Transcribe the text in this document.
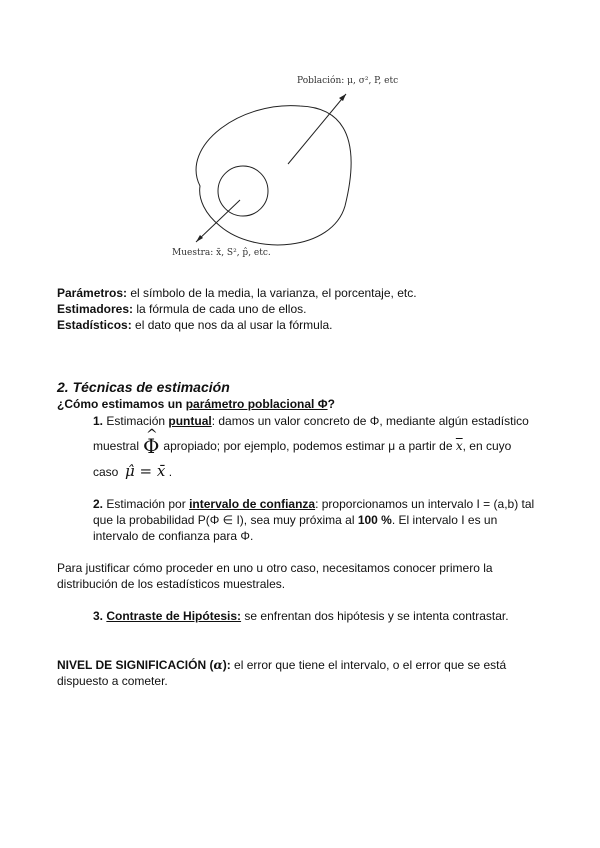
Población: μ, σ², P, etc
Muestra: x̄, S², p̂, etc.
Parámetros: el símbolo de la media, la varianza, el porcentaje, etc.
Estimadores: la fórmula de cada uno de ellos.
Estadísticos: el dato que nos da al usar la fórmula.
2. Técnicas de estimación
¿Cómo estimamos un parámetro poblacional Φ?
1. Estimación puntual: damos un valor concreto de Φ, mediante algún estadístico
muestral ^ Φ apropiado; por ejemplo, podemos estimar μ a partir de $\overline{x}$, en cuyo
caso μ̂ = x̄ .
2. Estimación por intervalo de confianza: proporcionamos un intervalo I = (a,b) tal
que la probabilidad P(Φ ∈ I), sea muy próxima al 100 %. El intervalo I es un
intervalo de confianza para Φ.
Para justificar cómo proceder en uno u otro caso, necesitamos conocer primero la
distribución de los estadísticos muestrales.
3. Contraste de Hipótesis: se enfrentan dos hipótesis y se intenta contrastar.
NIVEL DE SIGNIFICACIÓN (α): el error que tiene el intervalo, o el error que se está
dispuesto a cometer.
